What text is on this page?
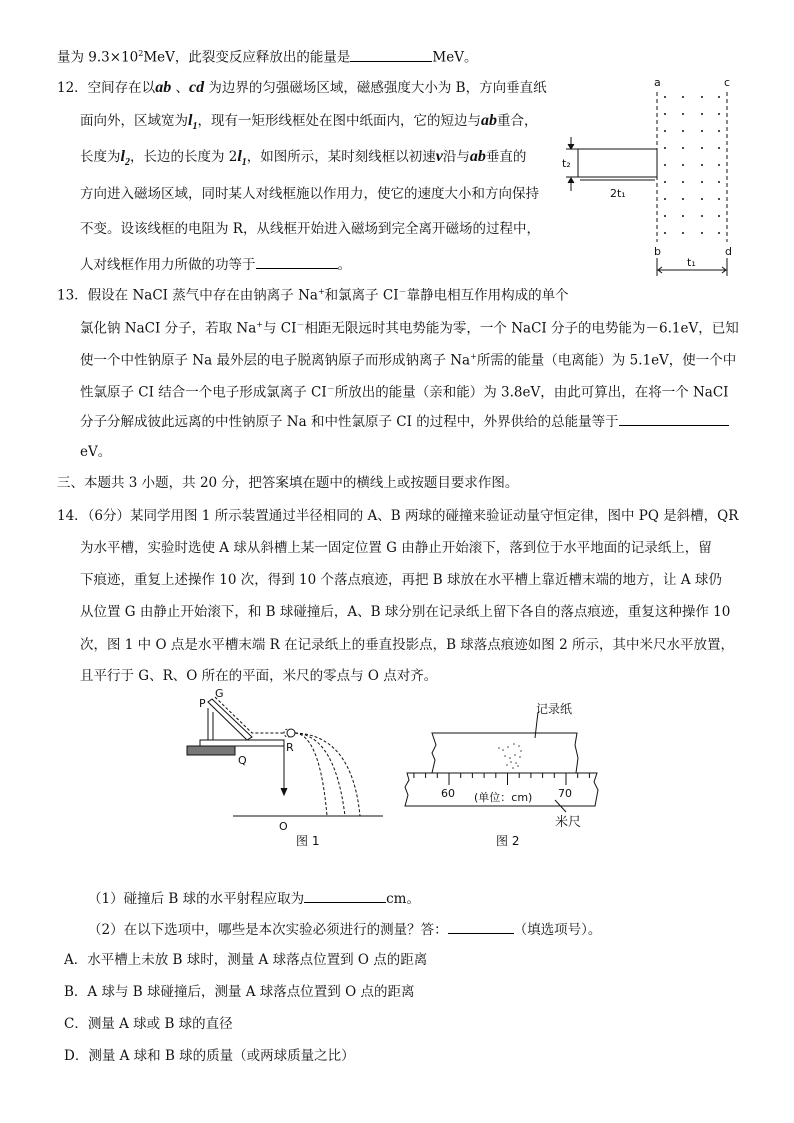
量为 $9.3\times 10^2MeV$，此裂变反应释放出的能量是	MeV。
12．空间存在以ab 、cd 为边界的匀强磁场区域，磁感强度大小为 B，方向垂直纸
面向外，区域宽为$l_1$，现有一矩形线框处在图中纸面内，它的短边与ab重合，
长度为$l_2$，长边的长度为 $2l_1$，如图所示，某时刻线框以初速v沿与ab垂直的
方向进入磁场区域，同时某人对线框施以作用力，使它的速度大小和方向保持
不变。设该线框的电阻为 R，从线框开始进入磁场到完全离开磁场的过程中，
人对线框作用力所做的功等于	。
13．假设在 NaCI 蒸气中存在由钠离子 Na+和氯离子 CI－靠静电相互作用构成的单个
氯化钠 NaCI 分子，若取 Na+与 CI－相距无限远时其电势能为零，一个 NaCI 分子的电势能为－6.1eV，已知
使一个中性钠原子 Na 最外层的电子脱离钠原子而形成钠离子 Na+所需的能量（电离能）为 5.1eV，使一个中
性氯原子 CI 结合一个电子形成氯离子 CI－所放出的能量（亲和能）为 3.8eV，由此可算出，在将一个 NaCI
分子分解成彼此远离的中性钠原子 Na 和中性氯原子 CI 的过程中，外界供给的总能量等于
eV。
三、本题共 3 小题，共 20 分，把答案填在题中的横线上或按题目要求作图。
14．（6分）某同学用图 1 所示装置通过半径相同的 A、B 两球的碰撞来验证动量守恒定律，图中 PQ 是斜槽，QR
为水平槽，实验时选使 A 球从斜槽上某一固定位置 G 由静止开始滚下，落到位于水平地面的记录纸上，留
下痕迹，重复上述操作 10 次，得到 10 个落点痕迹，再把 B 球放在水平槽上靠近槽末端的地方，让 A 球仍
从位置 G 由静止开始滚下，和 B 球碰撞后，A、B 球分别在记录纸上留下各自的落点痕迹，重复这种操作 10
次，图 1 中 O 点是水平槽末端 R 在记录纸上的垂直投影点，B 球落点痕迹如图 2 所示，其中米尺水平放置，
且平行于 G、R、O 所在的平面，米尺的零点与 O 点对齐。
（1）碰撞后 B 球的水平射程应取为	cm。
（2）在以下选项中，哪些是本次实验必须进行的测量？答：	（填选项号）。
A．水平槽上未放 B 球时，测量 A 球落点位置到 O 点的距离
B．A 球与 B 球碰撞后，测量 A 球落点位置到 O 点的距离
C．测量 A 球或 B 球的直径
D．测量 A 球和 B 球的质量（或两球质量之比）
a	c
b	d
t₂
2t₁
t₁
P
G
Q
R
O
图 1
60	70
(单位：cm)
米尺
记录纸
图 2
